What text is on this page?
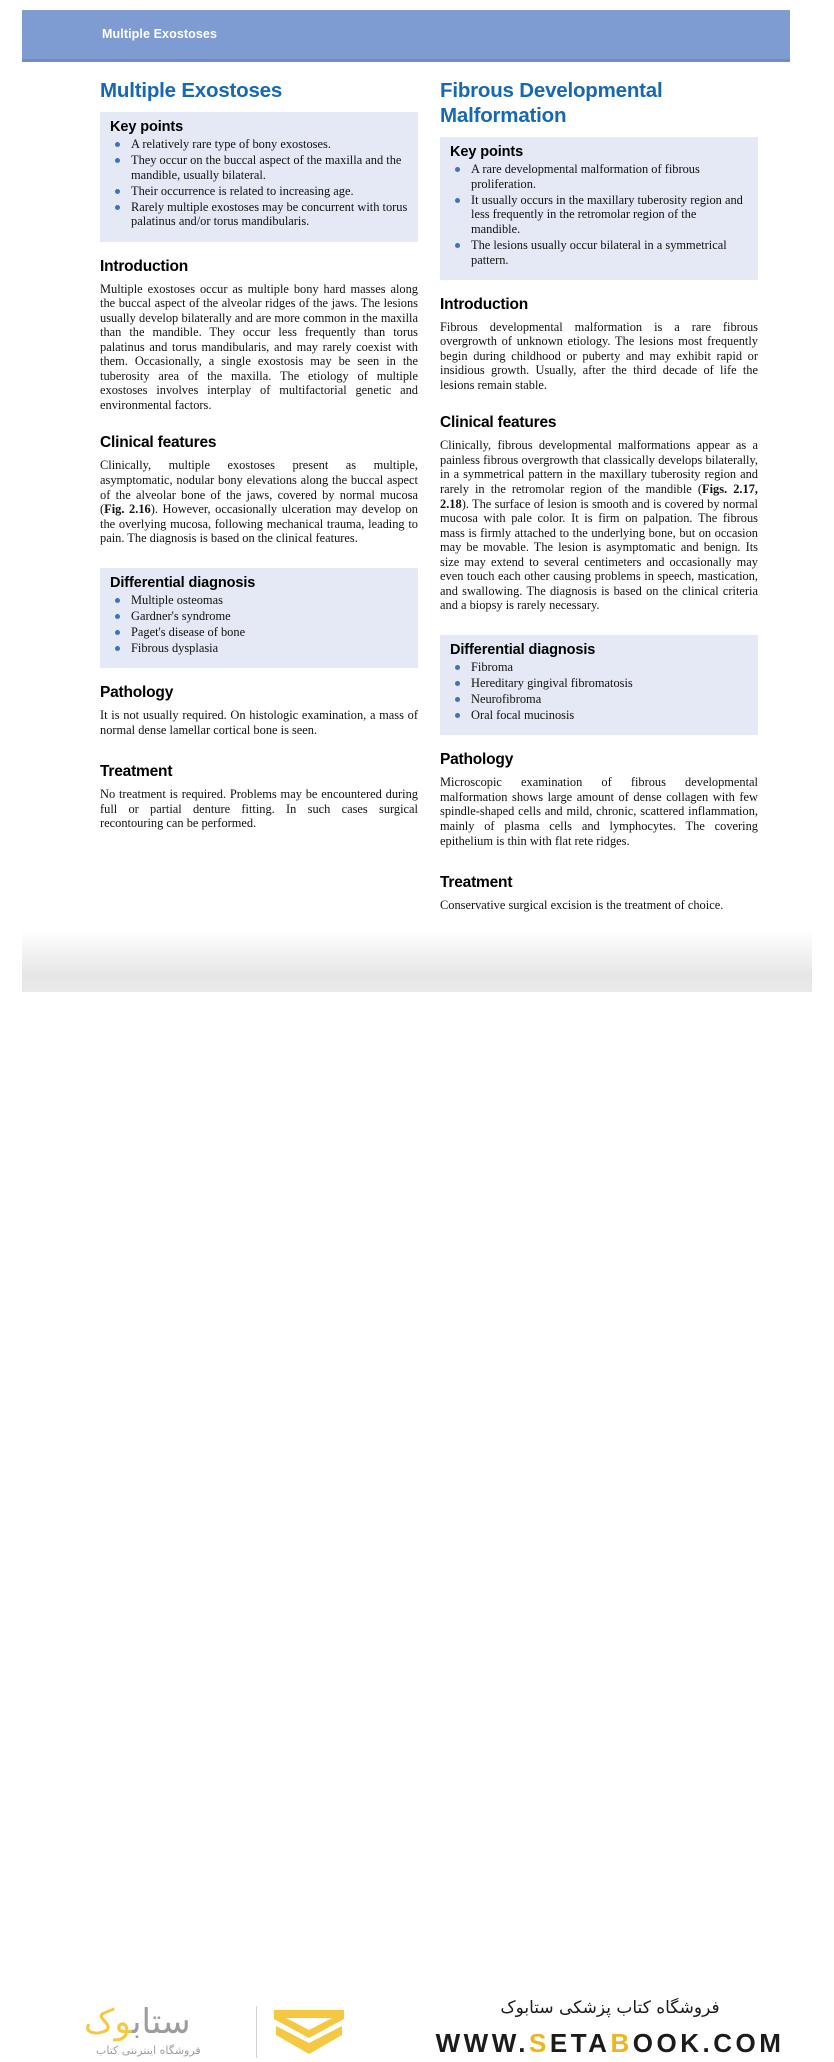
Multiple Exostoses
Multiple Exostoses
Key points
A relatively rare type of bony exostoses.
They occur on the buccal aspect of the maxilla and the mandible, usually bilateral.
Their occurrence is related to increasing age.
Rarely multiple exostoses may be concurrent with torus palatinus and/or torus mandibularis.
Introduction

Multiple exostoses occur as multiple bony hard masses along the buccal aspect of the alveolar ridges of the jaws. The lesions usually develop bilaterally and are more common in the maxilla than the mandible. They occur less frequently than torus palatinus and torus mandibularis, and may rarely coexist with them. Occasionally, a single exostosis may be seen in the tuberosity area of the maxilla. The etiology of multiple exostoses involves interplay of multifactorial genetic and environmental factors.

Clinical features

Clinically, multiple exostoses present as multiple, asymptomatic, nodular bony elevations along the buccal aspect of the alveolar bone of the jaws, covered by normal mucosa (Fig. 2.16). However, occasionally ulceration may develop on the overlying mucosa, following mechanical trauma, leading to pain. The diagnosis is based on the clinical features.

Differential diagnosis
Multiple osteomas
Gardner's syndrome
Paget's disease of bone
Fibrous dysplasia
Pathology

It is not usually required. On histologic examination, a mass of normal dense lamellar cortical bone is seen.

Treatment

No treatment is required. Problems may be encountered during full or partial denture fitting. In such cases surgical recontouring can be performed.

Fibrous Developmental Malformation
Key points
A rare developmental malformation of fibrous proliferation.
It usually occurs in the maxillary tuberosity region and less frequently in the retromolar region of the mandible.
The lesions usually occur bilateral in a symmetrical pattern.
Introduction

Fibrous developmental malformation is a rare fibrous overgrowth of unknown etiology. The lesions most frequently begin during childhood or puberty and may exhibit rapid or insidious growth. Usually, after the third decade of life the lesions remain stable.

Clinical features

Clinically, fibrous developmental malformations appear as a painless fibrous overgrowth that classically develops bilaterally, in a symmetrical pattern in the maxillary tuberosity region and rarely in the retromolar region of the mandible (Figs. 2.17, 2.18). The surface of lesion is smooth and is covered by normal mucosa with pale color. It is firm on palpation. The fibrous mass is firmly attached to the underlying bone, but on occasion may be movable. The lesion is asymptomatic and benign. Its size may extend to several centimeters and occasionally may even touch each other causing problems in speech, mastication, and swallowing. The diagnosis is based on the clinical criteria and a biopsy is rarely necessary.

Differential diagnosis
Fibroma
Hereditary gingival fibromatosis
Neurofibroma
Oral focal mucinosis
Pathology

Microscopic examination of fibrous developmental malformation shows large amount of dense collagen with few spindle-shaped cells and mild, chronic, scattered inflammation, mainly of plasma cells and lymphocytes. The covering epithelium is thin with flat rete ridges.

Treatment

Conservative surgical excision is the treatment of choice.

ستابوک
فروشگاه اینترنتی کتاب
فروشگاه کتاب پزشکی ستابوک
WWW.SETABOOK.COM
